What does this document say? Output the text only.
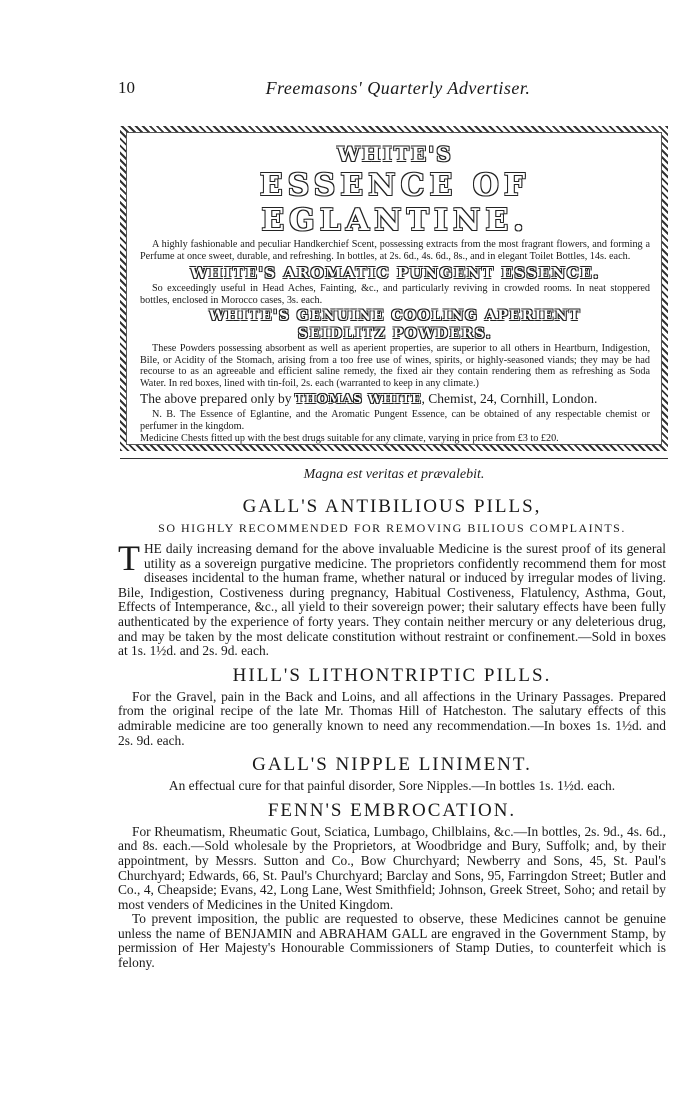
10	Freemasons' Quarterly Advertiser.
WHITE'S
ESSENCE OF EGLANTINE.

A highly fashionable and peculiar Handkerchief Scent, possessing extracts from the most fragrant flowers, and forming a Perfume at once sweet, durable, and refreshing. In bottles, at 2s. 6d., 4s. 6d., 8s., and in elegant Toilet Bottles, 14s. each.

WHITE'S AROMATIC PUNGENT ESSENCE.

So exceedingly useful in Head Aches, Fainting, &c., and particularly reviving in crowded rooms. In neat stoppered bottles, enclosed in Morocco cases, 3s. each.

WHITE'S GENUINE COOLING APERIENT
SEIDLITZ POWDERS.

These Powders possessing absorbent as well as aperient properties, are superior to all others in Heartburn, Indigestion, Bile, or Acidity of the Stomach, arising from a too free use of wines, spirits, or highly-seasoned viands; they may be had recourse to as an agreeable and efficient saline remedy, the fixed air they contain rendering them as refreshing as Soda Water. In red boxes, lined with tin-foil, 2s. each (warranted to keep in any climate.)

The above prepared only by THOMAS WHITE, Chemist, 24, Cornhill, London.

N. B. The Essence of Eglantine, and the Aromatic Pungent Essence, can be obtained of any respectable chemist or perfumer in the kingdom.

Medicine Chests fitted up with the best drugs suitable for any climate, varying in price from £3 to £20.

Magna est veritas et prævalebit.
GALL'S ANTIBILIOUS PILLS,
SO HIGHLY RECOMMENDED FOR REMOVING BILIOUS COMPLAINTS.

THE daily increasing demand for the above invaluable Medicine is the surest proof of its general utility as a sovereign purgative medicine. The proprietors confidently recommend them for most diseases incidental to the human frame, whether natural or induced by irregular modes of living. Bile, Indigestion, Costiveness during pregnancy, Habitual Costiveness, Flatulency, Asthma, Gout, Effects of Intemperance, &c., all yield to their sovereign power; their salutary effects have been fully authenticated by the experience of forty years. They contain neither mercury or any deleterious drug, and may be taken by the most delicate constitution without restraint or confinement.—Sold in boxes at 1s. 1½d. and 2s. 9d. each.

HILL'S LITHONTRIPTIC PILLS.

For the Gravel, pain in the Back and Loins, and all affections in the Urinary Passages. Prepared from the original recipe of the late Mr. Thomas Hill of Hatcheston. The salutary effects of this admirable medicine are too generally known to need any recommendation.—In boxes 1s. 1½d. and 2s. 9d. each.

GALL'S NIPPLE LINIMENT.

An effectual cure for that painful disorder, Sore Nipples.—In bottles 1s. 1½d. each.

FENN'S EMBROCATION.

For Rheumatism, Rheumatic Gout, Sciatica, Lumbago, Chilblains, &c.—In bottles, 2s. 9d., 4s. 6d., and 8s. each.—Sold wholesale by the Proprietors, at Woodbridge and Bury, Suffolk; and, by their appointment, by Messrs. Sutton and Co., Bow Churchyard; Newberry and Sons, 45, St. Paul's Churchyard; Edwards, 66, St. Paul's Churchyard; Barclay and Sons, 95, Farringdon Street; Butler and Co., 4, Cheapside; Evans, 42, Long Lane, West Smithfield; Johnson, Greek Street, Soho; and retail by most venders of Medicines in the United Kingdom.

To prevent imposition, the public are requested to observe, these Medicines cannot be genuine unless the name of BENJAMIN and ABRAHAM GALL are engraved in the Government Stamp, by permission of Her Majesty's Honourable Commissioners of Stamp Duties, to counterfeit which is felony.
